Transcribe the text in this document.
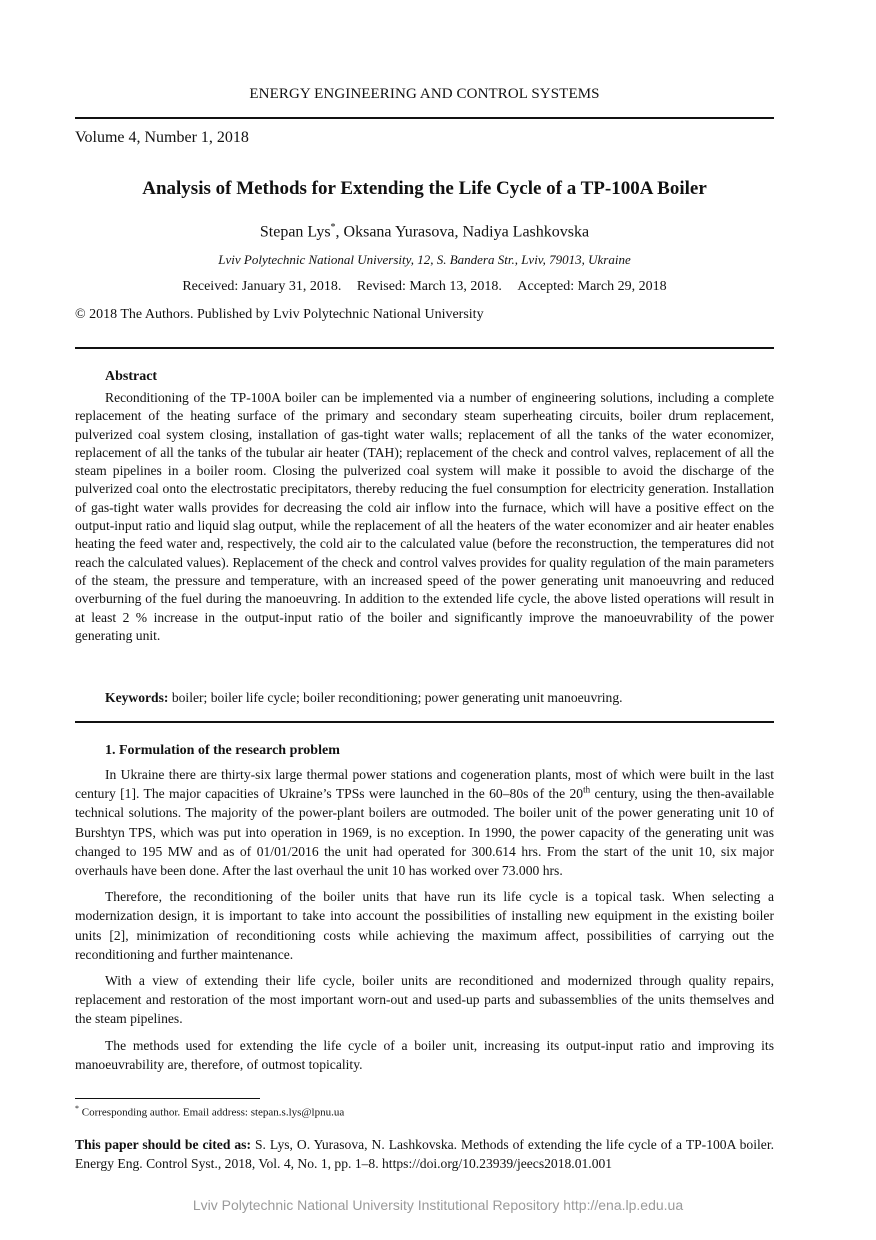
ENERGY ENGINEERING AND CONTROL SYSTEMS
Volume 4, Number 1, 2018
Analysis of Methods for Extending the Life Cycle of a TP-100A Boiler
Stepan Lys*, Oksana Yurasova, Nadiya Lashkovska
Lviv Polytechnic National University, 12, S. Bandera Str., Lviv, 79013, Ukraine
Received: January 31, 2018. Revised: March 13, 2018. Accepted: March 29, 2018
© 2018 The Authors. Published by Lviv Polytechnic National University
Abstract

Reconditioning of the TP-100A boiler can be implemented via a number of engineering solutions, including a complete replacement of the heating surface of the primary and secondary steam superheating circuits, boiler drum replacement, pulverized coal system closing, installation of gas-tight water walls; replacement of all the tanks of the water economizer, replacement of all the tanks of the tubular air heater (TAH); replacement of the check and control valves, replacement of all the steam pipelines in a boiler room. Closing the pulverized coal system will make it possible to avoid the discharge of the pulverized coal onto the electrostatic precipitators, thereby reducing the fuel consumption for electricity generation. Installation of gas-tight water walls provides for decreasing the cold air inflow into the furnace, which will have a positive effect on the output-input ratio and liquid slag output, while the replacement of all the heaters of the water economizer and air heater enables heating the feed water and, respectively, the cold air to the calculated value (before the reconstruction, the temperatures did not reach the calculated values). Replacement of the check and control valves provides for quality regulation of the main parameters of the steam, the pressure and temperature, with an increased speed of the power generating unit manoeuvring and reduced overburning of the fuel during the manoeuvring. In addition to the extended life cycle, the above listed operations will result in at least 2 % increase in the output-input ratio of the boiler and significantly improve the manoeuvrability of the power generating unit.

Keywords: boiler; boiler life cycle; boiler reconditioning; power generating unit manoeuvring.
1. Formulation of the research problem

In Ukraine there are thirty-six large thermal power stations and cogeneration plants, most of which were built in the last century [1]. The major capacities of Ukraine’s TPSs were launched in the 60–80s of the 20th century, using the then-available technical solutions. The majority of the power-plant boilers are outmoded. The boiler unit of the power generating unit 10 of Burshtyn TPS, which was put into operation in 1969, is no exception. In 1990, the power capacity of the generating unit was changed to 195 MW and as of 01/01/2016 the unit had operated for 300.614 hrs. From the start of the unit 10, six major overhauls have been done. After the last overhaul the unit 10 has worked over 73.000 hrs.

Therefore, the reconditioning of the boiler units that have run its life cycle is a topical task. When selecting a modernization design, it is important to take into account the possibilities of installing new equipment in the existing boiler units [2], minimization of reconditioning costs while achieving the maximum affect, possibilities of carrying out the reconditioning and further maintenance.

With a view of extending their life cycle, boiler units are reconditioned and modernized through quality repairs, replacement and restoration of the most important worn-out and used-up parts and subassemblies of the units themselves and the steam pipelines.

The methods used for extending the life cycle of a boiler unit, increasing its output-input ratio and improving its manoeuvrability are, therefore, of outmost topicality.

* Corresponding author. Email address: stepan.s.lys@lpnu.ua

This paper should be cited as: S. Lys, O. Yurasova, N. Lashkovska. Methods of extending the life cycle of a TP-100A boiler. Energy Eng. Control Syst., 2018, Vol. 4, No. 1, pp. 1–8. https://doi.org/10.23939/jeecs2018.01.001

Lviv Polytechnic National University Institutional Repository http://ena.lp.edu.ua
